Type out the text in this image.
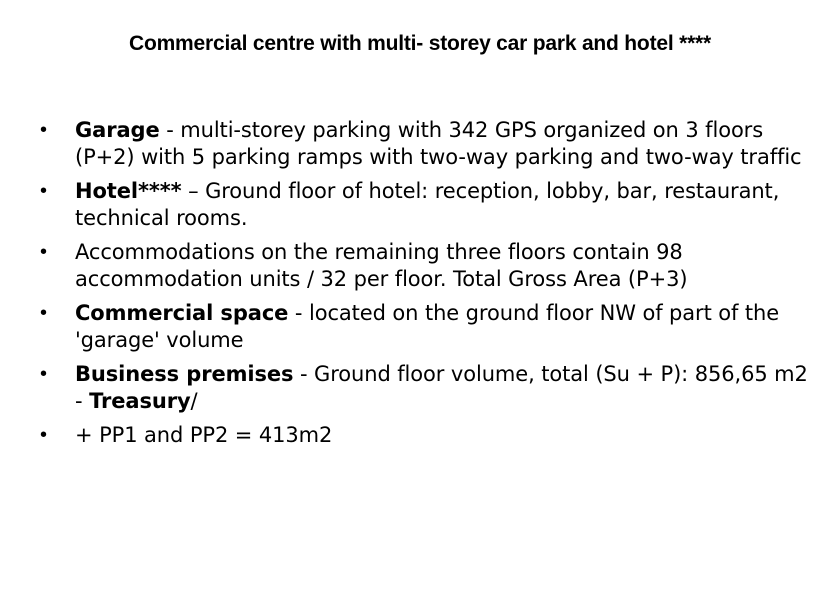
Commercial centre with multi- storey car park and hotel ****
•	Garage - multi-storey parking with 342 GPS organized on 3 floors (P+2) with 5 parking ramps with two-way parking and two-way traffic
•	Hotel**** – Ground floor of hotel: reception, lobby, bar, restaurant, technical rooms.
•	Accommodations on the remaining three floors contain 98 accommodation units / 32 per floor. Total Gross Area (P+3)
•	Commercial space - located on the ground floor NW of part of the 'garage' volume
•	Business premises - Ground floor volume, total (Su + P): 856,65 m2 - Treasury/
•	+ PP1 and PP2 = 413m2
